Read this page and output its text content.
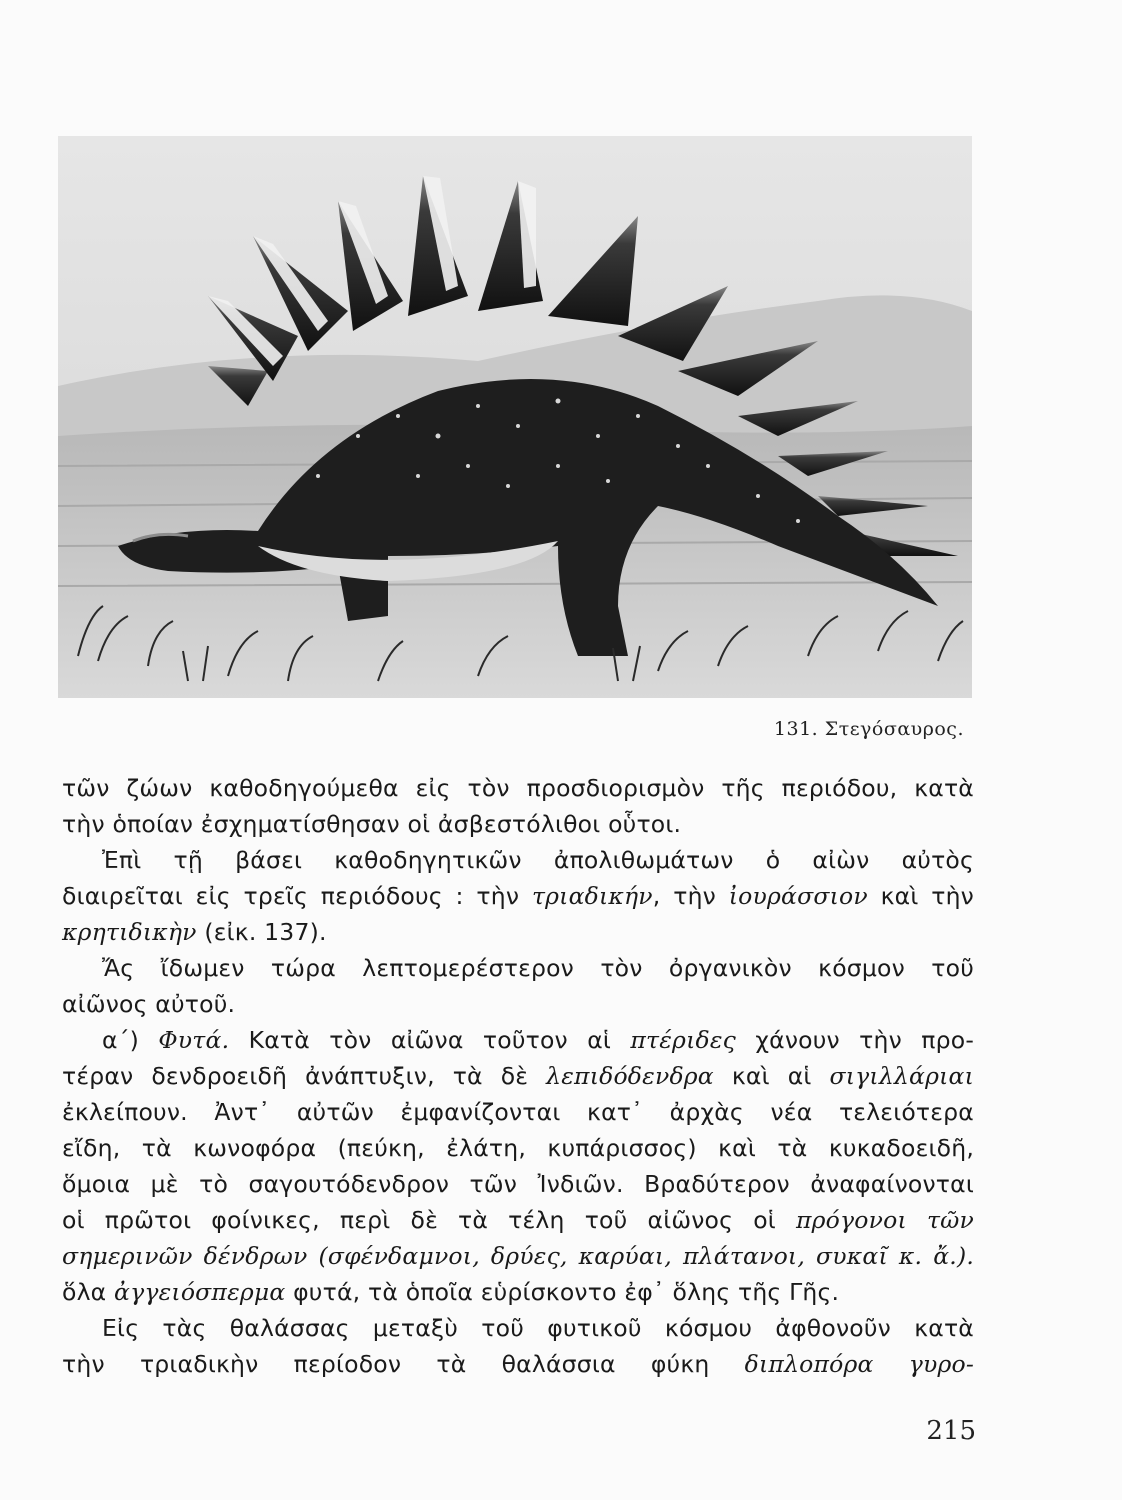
131. Στεγόσαυρος.
τῶν ζώων καθοδηγούμεθα εἰς τὸν προσδιορισμὸν τῆς περιόδου, κατὰ
τὴν ὁποίαν ἐσχηματίσθησαν οἱ ἀσβεστόλιθοι οὗτοι.
Ἐπὶ τῇ βάσει καθοδηγητικῶν ἀπολιθωμάτων ὁ αἰὼν αὐτὸς
διαιρεῖται εἰς τρεῖς περιόδους : τὴν τριαδικήν, τὴν ἰουράσσιον καὶ τὴν
κρητιδικὴν (εἰκ. 137).
Ἄς ἴδωμεν τώρα λεπτομερέστερον τὸν ὀργανικὸν κόσμον τοῦ
αἰῶνος αὐτοῦ.
α΄) Φυτά. Κατὰ τὸν αἰῶνα τοῦτον αἱ πτέριδες χάνουν τὴν προ-
τέραν δενδροειδῆ ἀνάπτυξιν, τὰ δὲ λεπιδόδενδρα καὶ αἱ σιγιλλάριαι
ἐκλείπουν. Ἀντ᾽ αὐτῶν ἐμφανίζονται κατ᾽ ἀρχὰς νέα τελειότερα
εἴδη, τὰ κωνοφόρα (πεύκη, ἐλάτη, κυπάρισσος) καὶ τὰ κυκαδοειδῆ,
ὅμοια μὲ τὸ σαγουτόδενδρον τῶν Ἰνδιῶν. Βραδύτερον ἀναφαίνονται
οἱ πρῶτοι φοίνικες, περὶ δὲ τὰ τέλη τοῦ αἰῶνος οἱ πρόγονοι τῶν
σημερινῶν δένδρων (σφένδαμνοι, δρύες, καρύαι, πλάτανοι, συκαῖ κ. ἄ.).
ὅλα ἀγγειόσπερμα φυτά, τὰ ὁποῖα εὑρίσκοντο ἐφ᾽ ὅλης τῆς Γῆς.
Εἰς τὰς θαλάσσας μεταξὺ τοῦ φυτικοῦ κόσμου ἀφθονοῦν κατὰ
τὴν τριαδικὴν περίοδον τὰ θαλάσσια φύκη διπλοπόρα γυρο-
215
